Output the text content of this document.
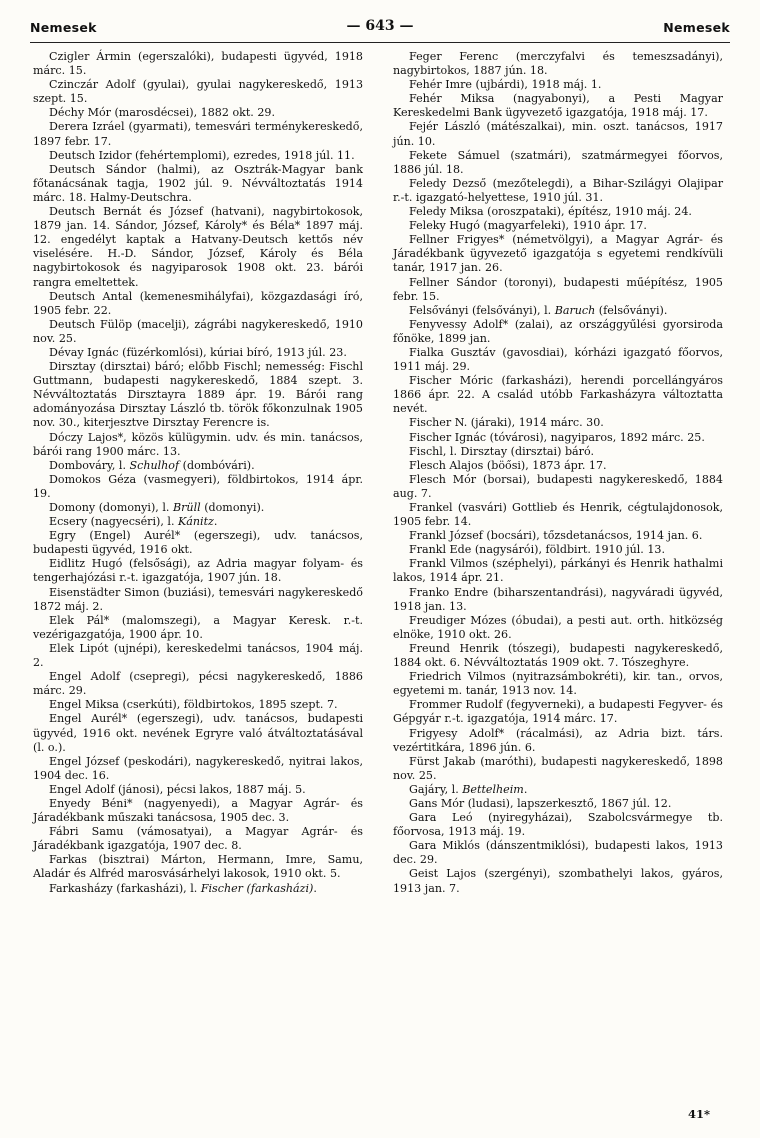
Nemesek	— 643 —	Nemesek

Czigler Ármin (egerszalóki), budapesti ügyvéd, 1918 márc. 15.

Czinczár Adolf (gyulai), gyulai nagykereskedő, 1913 szept. 15.

Déchy Mór (marosdécsei), 1882 okt. 29.

Derera Izráel (gyarmati), temesvári terménykereskedő, 1897 febr. 17.

Deutsch Izidor (fehértemplomi), ezredes, 1918 júl. 11.

Deutsch Sándor (halmi), az Osztrák-Magyar bank főtanácsának tagja, 1902 júl. 9. Névváltoztatás 1914 márc. 18. Halmy-Deutschra.

Deutsch Bernát és József (hatvani), nagybirtokosok, 1879 jan. 14. Sándor, József, Károly* és Béla* 1897 máj. 12. engedélyt kaptak a Hatvany-Deutsch kettős név viselésére. H.-D. Sándor, József, Károly és Béla nagybirtokosok és nagyiparosok 1908 okt. 23. bárói rangra emeltettek.

Deutsch Antal (kemenesmihályfai), közgazdasági író, 1905 febr. 22.

Deutsch Fülöp (macelji), zágrábi nagykereskedő, 1910 nov. 25.

Dévay Ignác (füzérkomlósi), kúriai bíró, 1913 júl. 23.

Dirsztay (dirsztai) báró; előbb Fischl; nemesség: Fischl Guttmann, budapesti nagykereskedő, 1884 szept. 3. Névváltoztatás Dirsztayra 1889 ápr. 19. Bárói rang adományozása Dirsztay László tb. török főkonzulnak 1905 nov. 30., kiterjesztve Dirsztay Ferencre is.

Dóczy Lajos*, közös külügymin. udv. és min. tanácsos, bárói rang 1900 márc. 13.

Dombováry, l. Schulhof (dombóvári).

Domokos Géza (vasmegyeri), földbirtokos, 1914 ápr. 19.

Domony (domonyi), l. Brüll (domonyi).

Ecsery (nagyecséri), l. Kánitz.

Egry (Engel) Aurél* (egerszegi), udv. tanácsos, budapesti ügyvéd, 1916 okt.

Eidlitz Hugó (felsősági), az Adria magyar folyam- és tengerhajózási r.-t. igazgatója, 1907 jún. 18.

Eisenstädter Simon (buziási), temesvári nagykereskedő 1872 máj. 2.

Elek Pál* (malomszegi), a Magyar Keresk. r.-t. vezérigazgatója, 1900 ápr. 10.

Elek Lipót (ujnépi), kereskedelmi tanácsos, 1904 máj. 2.

Engel Adolf (csepregi), pécsi nagykereskedő, 1886 márc. 29.

Engel Miksa (cserkúti), földbirtokos, 1895 szept. 7.

Engel Aurél* (egerszegi), udv. tanácsos, budapesti ügyvéd, 1916 okt. nevének Egryre való átváltoztatásával (l. o.).

Engel József (peskodári), nagykereskedő, nyitrai lakos, 1904 dec. 16.

Engel Adolf (jánosi), pécsi lakos, 1887 máj. 5.

Enyedy Béni* (nagyenyedi), a Magyar Agrár- és Járadékbank műszaki tanácsosa, 1905 dec. 3.

Fábri Samu (vámosatyai), a Magyar Agrár- és Járadékbank igazgatója, 1907 dec. 8.

Farkas (bisztrai) Márton, Hermann, Imre, Samu, Aladár és Alfréd marosvásárhelyi lakosok, 1910 okt. 5.

Farkasházy (farkasházi), l. Fischer (farkasházi).

Feger Ferenc (merczyfalvi és temeszsadányi), nagybirtokos, 1887 jún. 18.

Fehér Imre (ujbárdi), 1918 máj. 1.

Fehér Miksa (nagyabonyi), a Pesti Magyar Kereskedelmi Bank ügyvezető igazgatója, 1918 máj. 17.

Fejér László (mátészalkai), min. oszt. tanácsos, 1917 jún. 10.

Fekete Sámuel (szatmári), szatmármegyei főorvos, 1886 júl. 18.

Feledy Dezső (mezőtelegdi), a Bihar-Szilágyi Olajipar r.-t. igazgató-helyettese, 1910 júl. 31.

Feledy Miksa (oroszpataki), építész, 1910 máj. 24.

Feleky Hugó (magyarfeleki), 1910 ápr. 17.

Fellner Frigyes* (németvölgyi), a Magyar Agrár- és Járadékbank ügyvezető igazgatója s egyetemi rendkívüli tanár, 1917 jan. 26.

Fellner Sándor (toronyi), budapesti műépítész, 1905 febr. 15.

Felsőványi (felsőványi), l. Baruch (felsőványi).

Fenyvessy Adolf* (zalai), az országgyűlési gyorsiroda főnöke, 1899 jan.

Fialka Gusztáv (gavosdiai), kórházi igazgató főorvos, 1911 máj. 29.

Fischer Móric (farkasházi), herendi porcellángyáros 1866 ápr. 22. A család utóbb Farkasházyra változtatta nevét.

Fischer N. (járaki), 1914 márc. 30.

Fischer Ignác (tóvárosi), nagyiparos, 1892 márc. 25.

Fischl, l. Dirsztay (dirsztai) báró.

Flesch Alajos (böősi), 1873 ápr. 17.

Flesch Mór (borsai), budapesti nagykereskedő, 1884 aug. 7.

Frankel (vasvári) Gottlieb és Henrik, cégtulajdonosok, 1905 febr. 14.

Frankl József (bocsári), tőzsdetanácsos, 1914 jan. 6.

Frankl Ede (nagysárói), földbirt. 1910 júl. 13.

Frankl Vilmos (széphelyi), párkányi és Henrik hathalmi lakos, 1914 ápr. 21.

Franko Endre (biharszentandrási), nagyváradi ügyvéd, 1918 jan. 13.

Freudiger Mózes (óbudai), a pesti aut. orth. hitközség elnöke, 1910 okt. 26.

Freund Henrik (tószegi), budapesti nagykereskedő, 1884 okt. 6. Névváltoztatás 1909 okt. 7. Tószeghyre.

Friedrich Vilmos (nyitrazsámbokréti), kir. tan., orvos, egyetemi m. tanár, 1913 nov. 14.

Frommer Rudolf (fegyverneki), a budapesti Fegyver- és Gépgyár r.-t. igazgatója, 1914 márc. 17.

Frigyesy Adolf* (rácalmási), az Adria bizt. társ. vezértitkára, 1896 jún. 6.

Fürst Jakab (maróthi), budapesti nagykereskedő, 1898 nov. 25.

Gajáry, l. Bettelheim.

Gans Mór (ludasi), lapszerkesztő, 1867 júl. 12.

Gara Leó (nyiregyházai), Szabolcsvármegye tb. főorvosa, 1913 máj. 19.

Gara Miklós (dánszentmiklósi), budapesti lakos, 1913 dec. 29.

Geist Lajos (szergényi), szombathelyi lakos, gyáros, 1913 jan. 7.

41*
